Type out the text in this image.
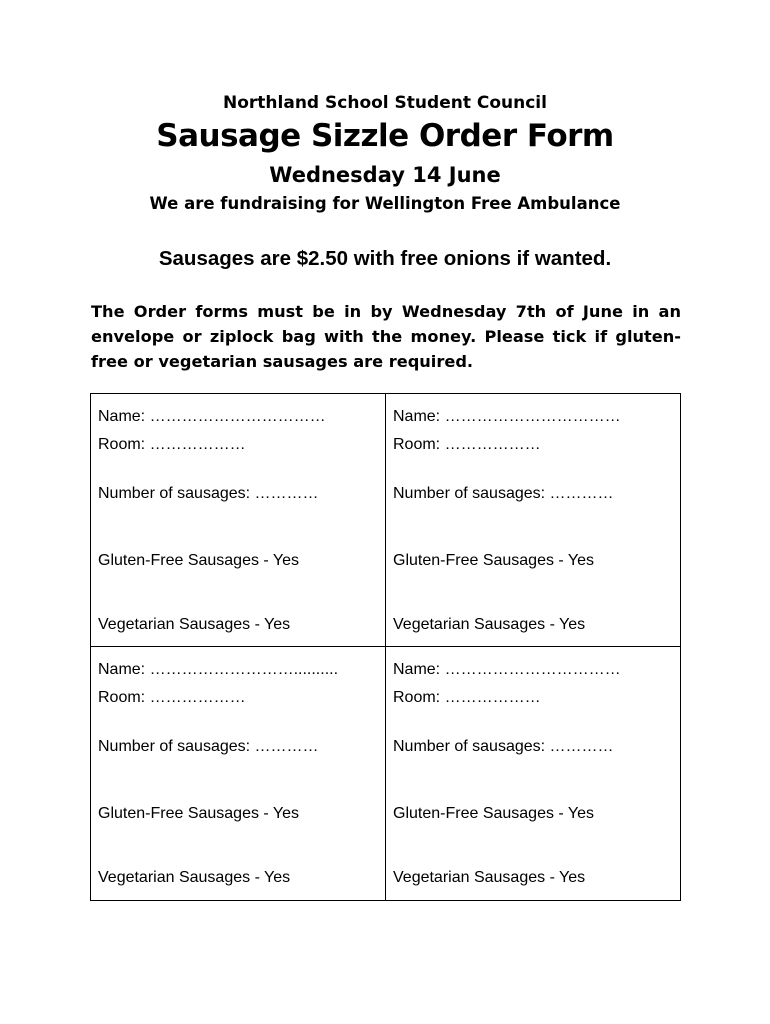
Northland School Student Council
Sausage Sizzle Order Form
Wednesday 14 June
We are fundraising for Wellington Free Ambulance
Sausages are $2.50 with free onions if wanted.
The Order forms must be in by Wednesday 7th of June in an envelope or ziplock bag with the money. Please tick if gluten-free or vegetarian sausages are required.
Name: ……………………………
Room: ………………
Number of sausages: …………
Gluten-Free Sausages - Yes
Vegetarian Sausages - Yes
Name: ……………………………
Room: ………………
Number of sausages: …………
Gluten-Free Sausages - Yes
Vegetarian Sausages - Yes
Name: ………………………..........
Room: ………………
Number of sausages: …………
Gluten-Free Sausages - Yes
Vegetarian Sausages - Yes
Name: ……………………………
Room: ………………
Number of sausages: …………
Gluten-Free Sausages - Yes
Vegetarian Sausages - Yes
